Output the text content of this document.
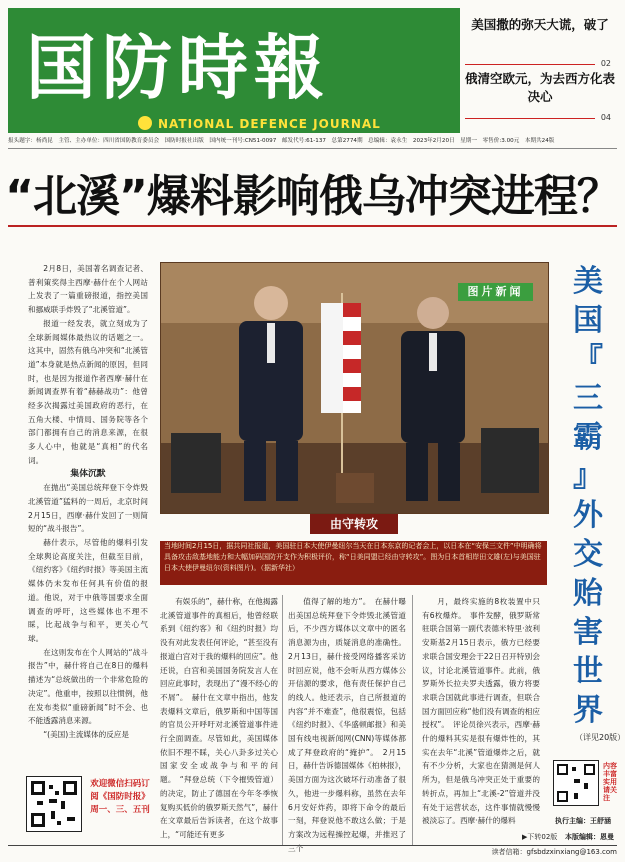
国防時報
NATIONAL DEFENCE JOURNAL
美国撒的弥天大谎，破了
02
俄清空欧元，为去西方化表决心
04
报头题字：杨尚昆　主管、主办单位：四川省国防教育委员会　国防时报社出版　国内统一刊号:CN51-0097　邮发代号:61-137　总第2774期　总编辑：袁永生　2023年2月20日　星期一　零售价:3.00元　本期共24版
“北溪”爆料影响俄乌冲突进程？

2月8日，美国著名调查记者、普利策奖得主西摩·赫什在个人网站上发表了一篇重磅报道，指控美国和挪威联手炸毁了“北溪管道”。

报道一经发表，就立刻成为了全球新闻媒体最热议的话题之一。这其中，固然有俄乌冲突和“北溪管道”本身就是热点新闻的原因，但同时，也是因为报道作者西摩·赫什在新闻调查界有着“赫赫战功”：他曾经多次揭露过美国政府的恶行，在五角大楼、中情局、国务院等各个部门都拥有自己的消息来源，在很多人心中，他就是“真相”的代名词。

集体沉默

在抛出“美国总统拜登下令炸毁北溪管道”猛料的一周后，北京时间2月15日，西摩·赫什发回了一则简短的“战斗报告”。

赫什表示，尽管他的爆料引发全球舆论高度关注，但截至目前，《纽约客》《纽约时报》等美国主流媒体仍未发布任何具有价值的报道。他说，对于中俄等国要求全面调查的呼吁，这些媒体也不理不睬，比起战争与和平，更关心气球。

在这则发布在个人网站的“战斗报告”中，赫什将自己在8日的爆料描述为“总统做出的一个非常危险的决定”。他重申，按照以往惯例，他在发布类似“重磅新闻”时不会、也不能透露消息来源。

“(美国)主流媒体的反应是

图片新闻
由守转攻
当地时间2月15日，据共同社报道，美国驻日本大使伊曼纽尔当天在日本东京的记者会上，以日本在“安保三文件”中明确将具备攻击敌基地能力和大幅加码国防开支作为积极评价，称“日美同盟已经由守转攻”。图为日本首相岸田文雄(左)与美国驻日本大使伊曼纽尔(资料图片)。（据新华社）
美
国
『
三
霸
』
外
交
贻
害
世
界
（详见20版）

有娱乐的”，赫什称，在他揭露北溪管道事件的真相后，他曾经联系到《纽约客》和《纽约时报》均没有对此发表任何评论，“甚至没有报道白宫对于我的爆料的回应”。他还说，白宫和美国国务院发言人在回应此事时，表现出了“漫不经心的不屑”。　赫什在文章中指出，他发表爆料文章后，俄罗斯和中国等国的官员公开呼吁对北溪管道事件进行全面调查。尽管如此，美国媒体依旧不理不睬，关心八卦多过关心国家安全或战争与和平的问题。　“拜登总统（下令摧毁管道）的决定，防止了德国在今年冬季恢复购买低价的俄罗斯天然气”，赫什在文章最后告诉读者，在这个故事上，“可能还有更多

值得了解的地方”。　在赫什曝出美国总统拜登下令炸毁北溪管道后，不少西方媒体以文章中的匿名消息源为由，质疑消息的准确性。2月13日，赫什接受网络播客采访时回应说，他不会听从西方媒体公开信源的要求，他有责任保护自己的线人。他还表示，自己所报道的内容“并不难查”，他很震惊，包括《纽约时报》、《华盛顿邮报》和美国有线电视新闻网(CNN)等媒体都成了拜登政府的“掩护”。　2月15日，赫什告诉德国媒体《柏林报》，美国方面为这次破坏行动准备了很久，他进一步爆料称，虽然在去年6月安好炸药，即将下命令的最后一刻，拜登说他不敢这么做；于是方案改为远程操控起爆，并推迟了三个

月，最终实施的8枚装置中只有6枚爆炸。　事件发酵，俄罗斯常驻联合国第一副代表德米特里·波利安斯基2月15日表示，俄方已经要求联合国安理会于22日召开特别会议，讨论北溪管道事件。此前，俄罗斯外长拉夫罗夫透露，俄方将要求联合国就此事进行调查，但联合国方面回应称“他们没有调查的相应授权”。　评论员徐兴表示，西摩·赫什的爆料其实是很有爆炸性的，其实在去年“北溪”管道爆炸之后，就有不少分析，大家也在猜测是何人所为，但是俄乌冲突正处于重要的转折点，再加上“北溪-2”管道并没有处于运营状态，这件事情就慢慢被淡忘了。西摩·赫什的爆料

欢迎微信扫码订阅《国防时报》周一、三、五刊
内容丰富实用请关注
执行主编：王舒涵
▶下转02版 本版编辑：恩曼
读者信箱：gfsbdzxinxiang@163.com
